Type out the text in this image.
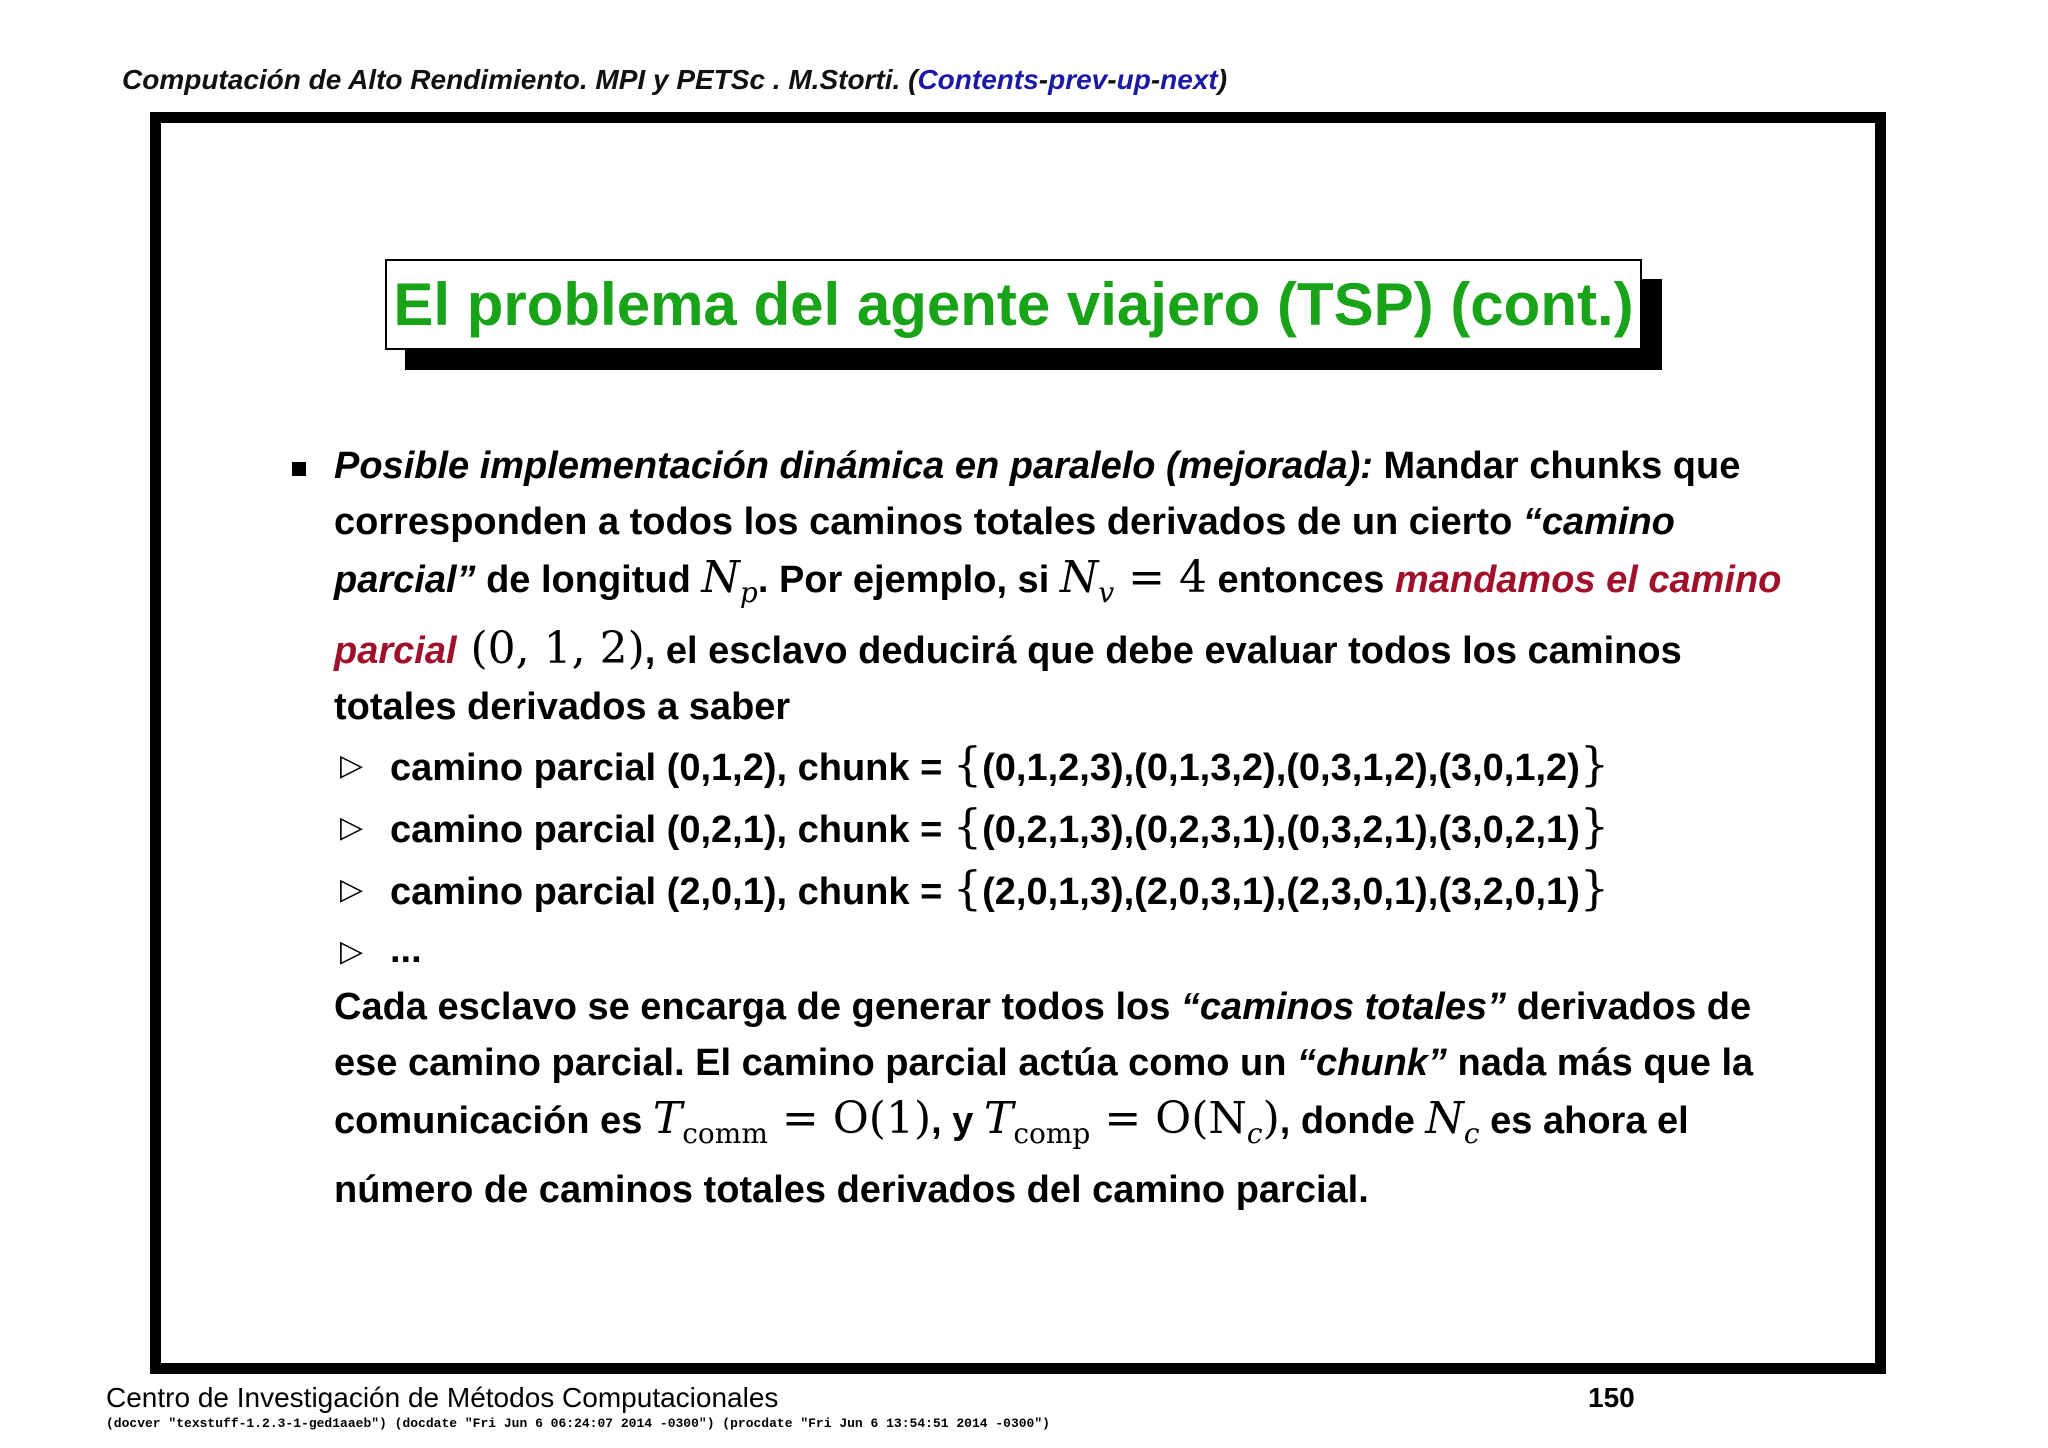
Computación de Alto Rendimiento. MPI y PETSc . M.Storti. (Contents-prev-up-next)
El problema del agente viajero (TSP) (cont.)
Posible implementación dinámica en paralelo (mejorada): Mandar chunks que corresponden a todos los caminos totales derivados de un cierto “camino parcial” de longitud $N_p$. Por ejemplo, si $N_v = 4$ entonces mandamos el camino parcial (0, 1, 2), el esclavo deducirá que debe evaluar todos los caminos totales derivados a saber
▷ camino parcial (0,1,2), chunk = {(0,1,2,3),(0,1,3,2),(0,3,1,2),(3,0,1,2)}
▷ camino parcial (0,2,1), chunk = {(0,2,1,3),(0,2,3,1),(0,3,2,1),(3,0,2,1)}
▷ camino parcial (2,0,1), chunk = {(2,0,1,3),(2,0,3,1),(2,3,0,1),(3,2,0,1)}
▷ ...
Cada esclavo se encarga de generar todos los “caminos totales” derivados de ese camino parcial. El camino parcial actúa como un “chunk” nada más que la comunicación es $T_{comm} = O(1)$, y $T_{comp} = O(N_c)$, donde $N_c$ es ahora el número de caminos totales derivados del camino parcial.
Centro de Investigación de Métodos Computacionales	150
(docver "texstuff-1.2.3-1-ged1aaeb") (docdate "Fri Jun 6 06:24:07 2014 -0300") (procdate "Fri Jun 6 13:54:51 2014 -0300")
